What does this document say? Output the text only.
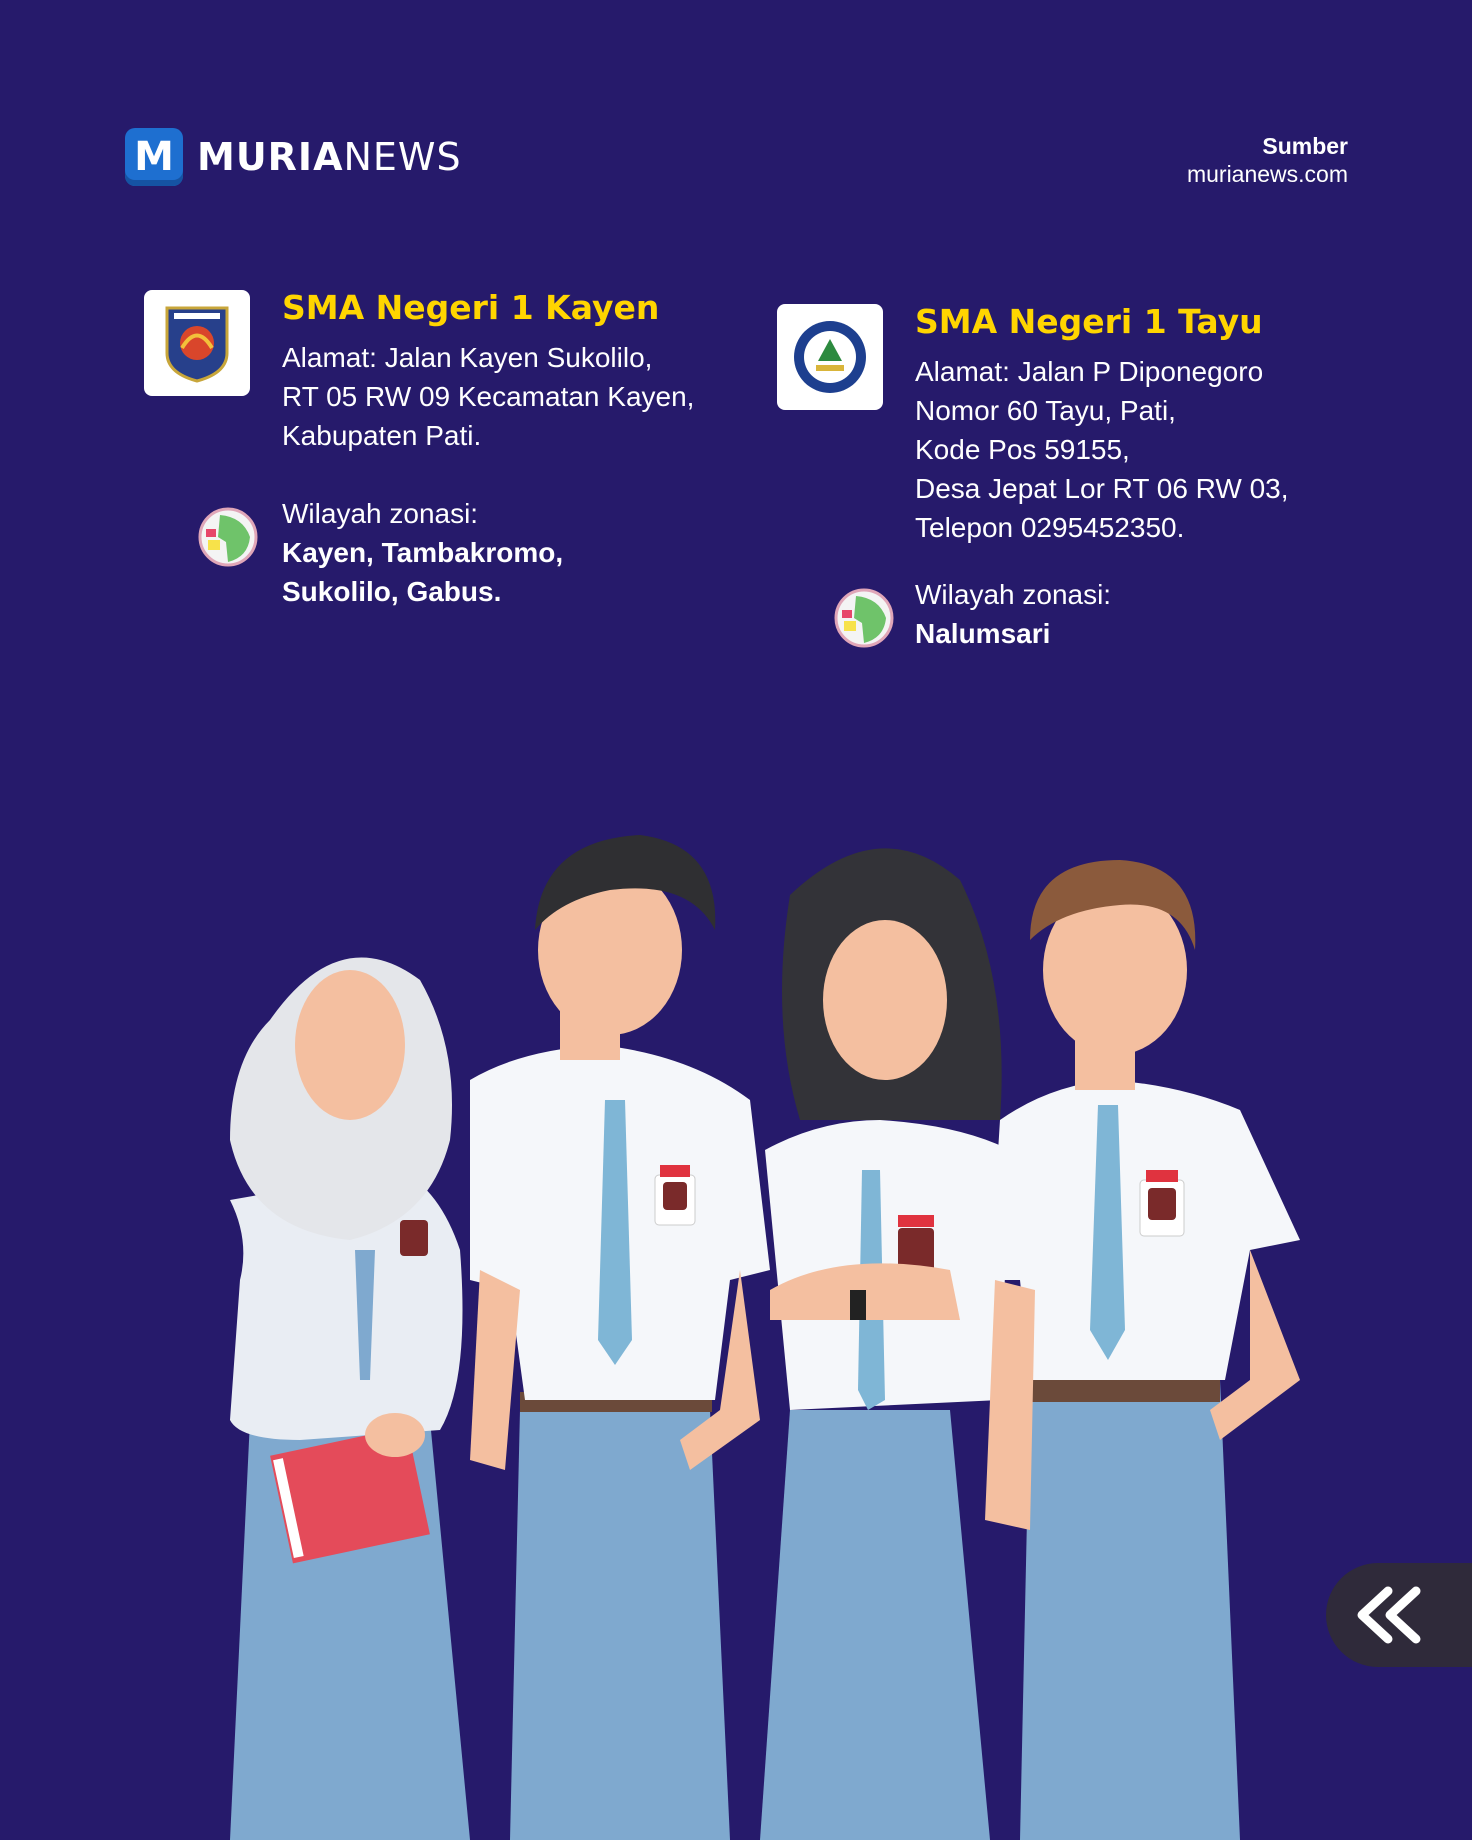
M MURIANEWS	Sumber
murianews.com
SMA Negeri 1 Kayen
Alamat: Jalan Kayen Sukolilo,
RT 05 RW 09 Kecamatan Kayen,
Kabupaten Pati.
Wilayah zonasi:
Kayen, Tambakromo,
Sukolilo, Gabus.
SMA Negeri 1 Tayu
Alamat: Jalan P Diponegoro
Nomor 60 Tayu, Pati,
Kode Pos 59155,
Desa Jepat Lor RT 06 RW 03,
Telepon 0295452350.
Wilayah zonasi:
Nalumsari
